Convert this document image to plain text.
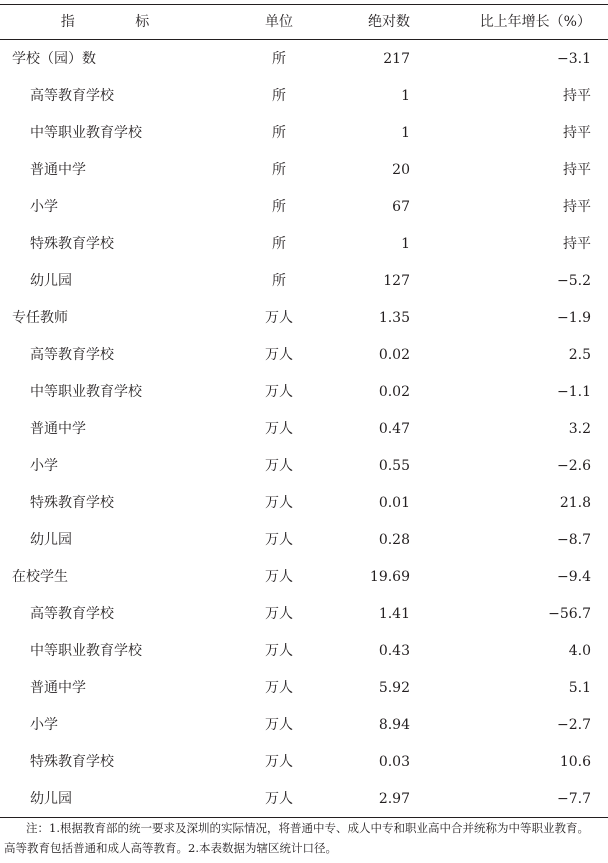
指 标	单位	绝对数	比上年增长（%）
学校（园）数	所	217	−3.1
高等教育学校	所	1	持平
中等职业教育学校	所	1	持平
普通中学	所	20	持平
小学	所	67	持平
特殊教育学校	所	1	持平
幼儿园	所	127	−5.2
专任教师	万人	1.35	−1.9
高等教育学校	万人	0.02	2.5
中等职业教育学校	万人	0.02	−1.1
普通中学	万人	0.47	3.2
小学	万人	0.55	−2.6
特殊教育学校	万人	0.01	21.8
幼儿园	万人	0.28	−8.7
在校学生	万人	19.69	−9.4
高等教育学校	万人	1.41	−56.7
中等职业教育学校	万人	0.43	4.0
普通中学	万人	5.92	5.1
小学	万人	8.94	−2.7
特殊教育学校	万人	0.03	10.6
幼儿园	万人	2.97	−7.7
注：1.根据教育部的统一要求及深圳的实际情况，将普通中专、成人中专和职业高中合并统称为中等职业教育。
高等教育包括普通和成人高等教育。2.本表数据为辖区统计口径。
